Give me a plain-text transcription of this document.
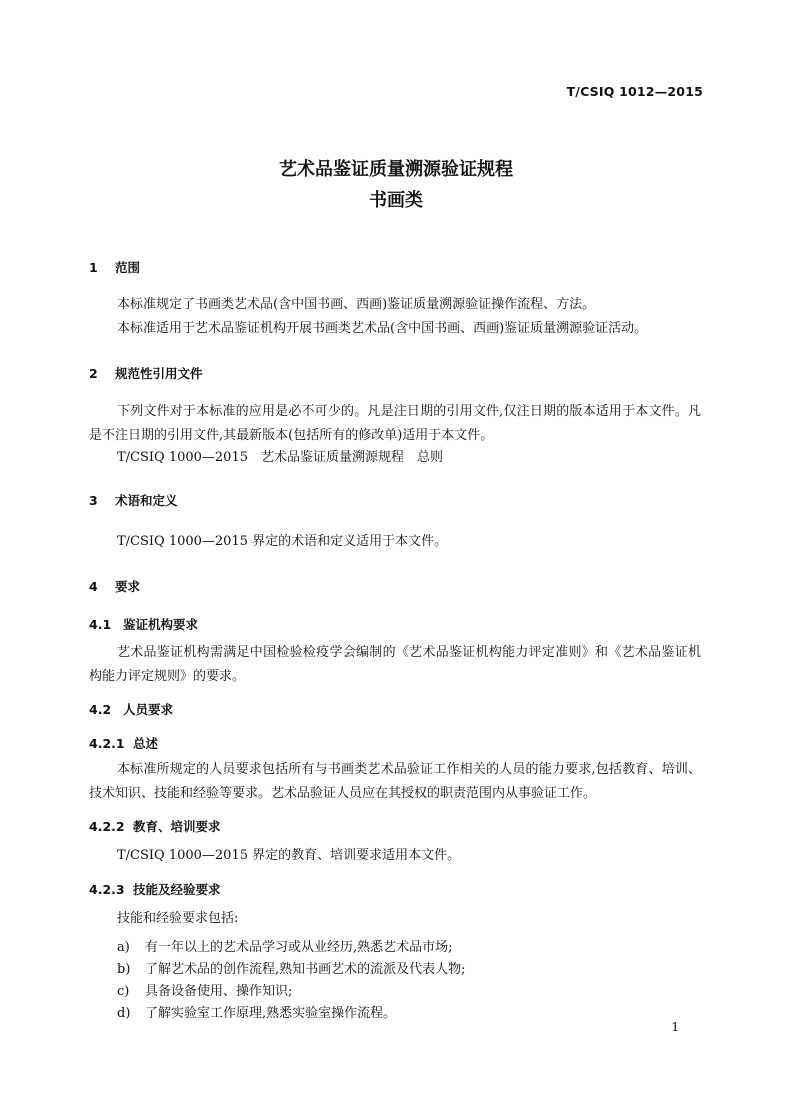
T/CSIQ 1012—2015
艺术品鉴证质量溯源验证规程
书画类
1 范围
本标准规定了书画类艺术品(含中国书画、西画)鉴证质量溯源验证操作流程、方法。
本标准适用于艺术品鉴证机构开展书画类艺术品(含中国书画、西画)鉴证质量溯源验证活动。
2 规范性引用文件
下列文件对于本标准的应用是必不可少的。凡是注日期的引用文件,仅注日期的版本适用于本文件。凡是不注日期的引用文件,其最新版本(包括所有的修改单)适用于本文件。
T/CSIQ 1000—2015　艺术品鉴证质量溯源规程　总则
3 术语和定义
T/CSIQ 1000—2015 界定的术语和定义适用于本文件。
4 要求
4.1 鉴证机构要求
艺术品鉴证机构需满足中国检验检疫学会编制的《艺术品鉴证机构能力评定准则》和《艺术品鉴证机构能力评定规则》的要求。
4.2 人员要求
4.2.1 总述
本标准所规定的人员要求包括所有与书画类艺术品验证工作相关的人员的能力要求,包括教育、培训、技术知识、技能和经验等要求。艺术品验证人员应在其授权的职责范围内从事验证工作。
4.2.2 教育、培训要求
T/CSIQ 1000—2015 界定的教育、培训要求适用本文件。
4.2.3 技能及经验要求
技能和经验要求包括:
a) 有一年以上的艺术品学习或从业经历,熟悉艺术品市场;
b) 了解艺术品的创作流程,熟知书画艺术的流派及代表人物;
c) 具备设备使用、操作知识;
d) 了解实验室工作原理,熟悉实验室操作流程。
1
